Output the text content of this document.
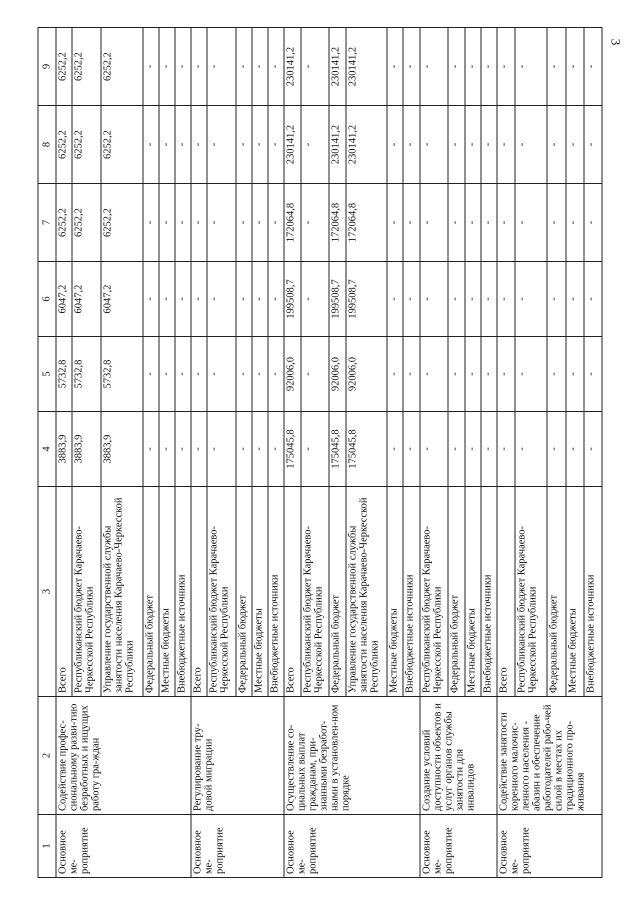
3
1	2	3	4	5	6	7	8	9
Основное ме-роприятие	Содействие профес-сиональному разви-тию безработных и ищущих работу гра-ждан	Всего	3883,9	5732,8	6047,2	6252,2	6252,2	6252,2
		Республиканский бюджет Карачаево-Черкесской Республики	3883,9	5732,8	6047,2	6252,2	6252,2	6252,2
		Управление государственной службы занятости населения Карачаево-Черкесской Республики	3883,9	5732,8	6047,2	6252,2	6252,2	6252,2
		Федеральный бюджет	-	-	-	-	-	-
		Местные бюджеты	-	-	-	-	-	-
		Внебюджетные источники	-	-	-	-	-	-
Основное ме-роприятие	Регулирование тру-довой миграции	Всего	-	-	-	-	-	-
		Республиканский бюджет Карачаево-Черкесской Республики	-	-	-	-	-	-
		Федеральный бюджет	-	-	-	-	-	-
		Местные бюджеты	-	-	-	-	-	-
		Внебюджетные источники	-	-	-	-	-	-
Основное ме-роприятие	Осуществление со-циальных выплат гражданам, при-знанными безработ-ными в установлен-ном порядке	Всего	175045,8	92006,0	199508,7	172064,8	230141,2	230141,2
		Республиканский бюджет Карачаево-Черкесской Республики	-	-	-	-	-	-
		Федеральный бюджет	175045,8	92006,0	199508,7	172064,8	230141,2	230141,2
		Управление государственной службы занятости населения Карачаево-Черкесской Республики	175045,8	92006,0	199508,7	172064,8	230141,2	230141,2
		Местные бюджеты	-	-	-	-	-	-
		Внебюджетные источники	-	-	-	-	-	-
Основное ме-роприятие	Создание условий доступности объектов и услуг органов службы занятости для инвалидов	Республиканский бюджет Карачаево-Черкесской Республики	-	-	-	-	-	-
		Федеральный бюджет	-	-	-	-	-	-
		Местные бюджеты	-	-	-	-	-	-
		Внебюджетные источники	-	-	-	-	-	-
Основное ме-роприятие	Содействие занятости коренного малочис-ленного населения - абазин и обеспечение работодателей рабо-чей силой в местах их традиционного про-живания	Всего	-	-	-	-	-	-
		Республиканский бюджет Карачаево-Черкесской Республики	-	-	-	-	-	-
		Федеральный бюджет	-	-	-	-	-	-
		Местные бюджеты	-	-	-	-	-	-
		Внебюджетные источники	-	-	-	-	-	-
